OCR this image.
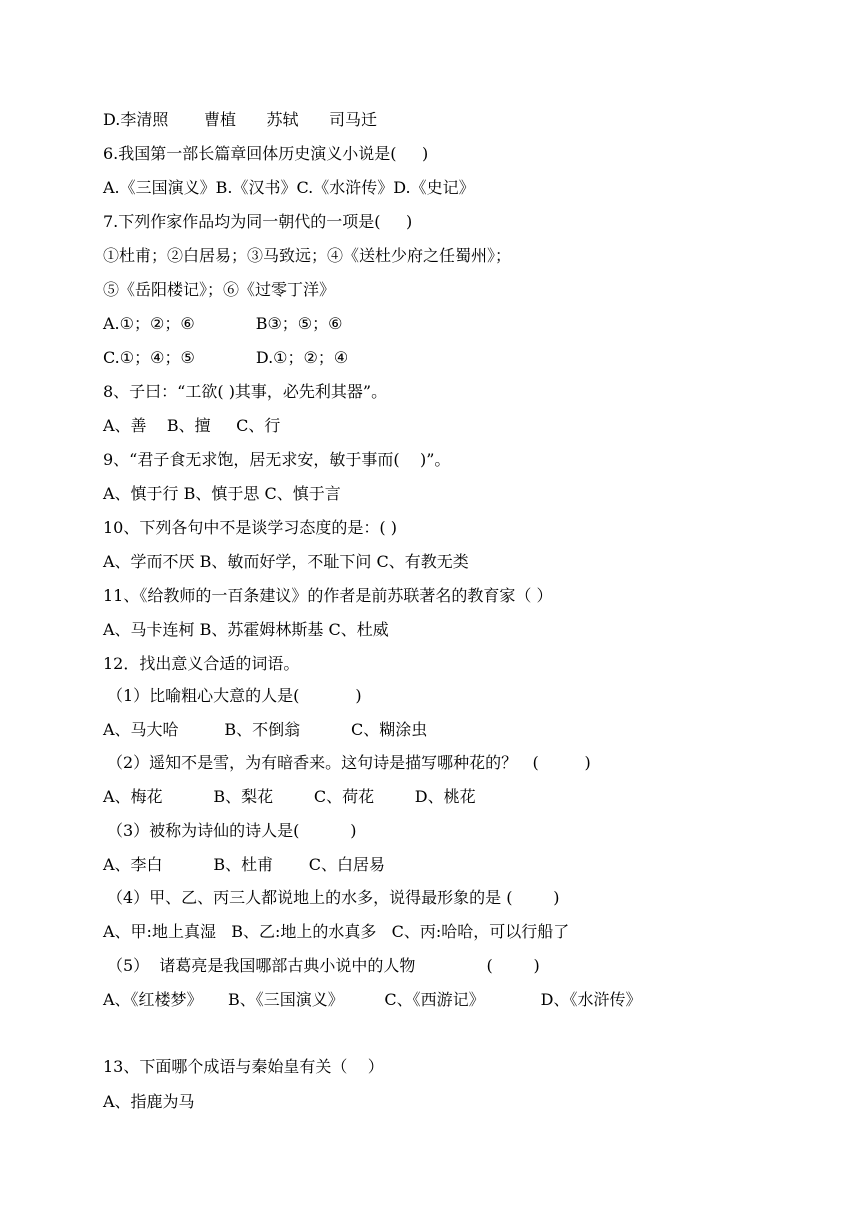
D.李清照       曹植      苏轼      司马迁
6.我国第一部长篇章回体历史演义小说是(     )
A.《三国演义》B.《汉书》C.《水浒传》D.《史记》
7.下列作家作品均为同一朝代的一项是(     )
①杜甫；②白居易；③马致远；④《送杜少府之任蜀州》；
⑤《岳阳楼记》；⑥《过零丁洋》
A.①；②；⑥            B③；⑤；⑥
C.①；④；⑤            D.①；②；④
8、子曰：“工欲( )其事，必先利其器”。
A、善    B、擅     C、行
9、“君子食无求饱，居无求安，敏于事而(    )”。
A、慎于行 B、慎于思 C、慎于言
10、下列各句中不是谈学习态度的是：( )
A、学而不厌 B、敏而好学，不耻下问 C、有教无类
11、《给教师的一百条建议》的作者是前苏联著名的教育家（ ）
A、马卡连柯 B、苏霍姆林斯基 C、杜威
12．找出意义合适的词语。
（1）比喻粗心大意的人是(           )
A、马大哈         B、不倒翁          C、糊涂虫
（2）遥知不是雪，为有暗香来。这句诗是描写哪种花的？   (         )
A、梅花          B、梨花        C、荷花        D、桃花
（3）被称为诗仙的诗人是(          )
A、李白          B、杜甫       C、白居易
（4）甲、乙、丙三人都说地上的水多，说得最形象的是 (        )
A、甲:地上真湿   B、乙:地上的水真多   C、丙:哈哈，可以行船了
（5）  诸葛亮是我国哪部古典小说中的人物              (        )
A、《红楼梦》     B、《三国演义》        C、《西游记》           D、《水浒传》
13、下面哪个成语与秦始皇有关（    ）
A、指鹿为马
